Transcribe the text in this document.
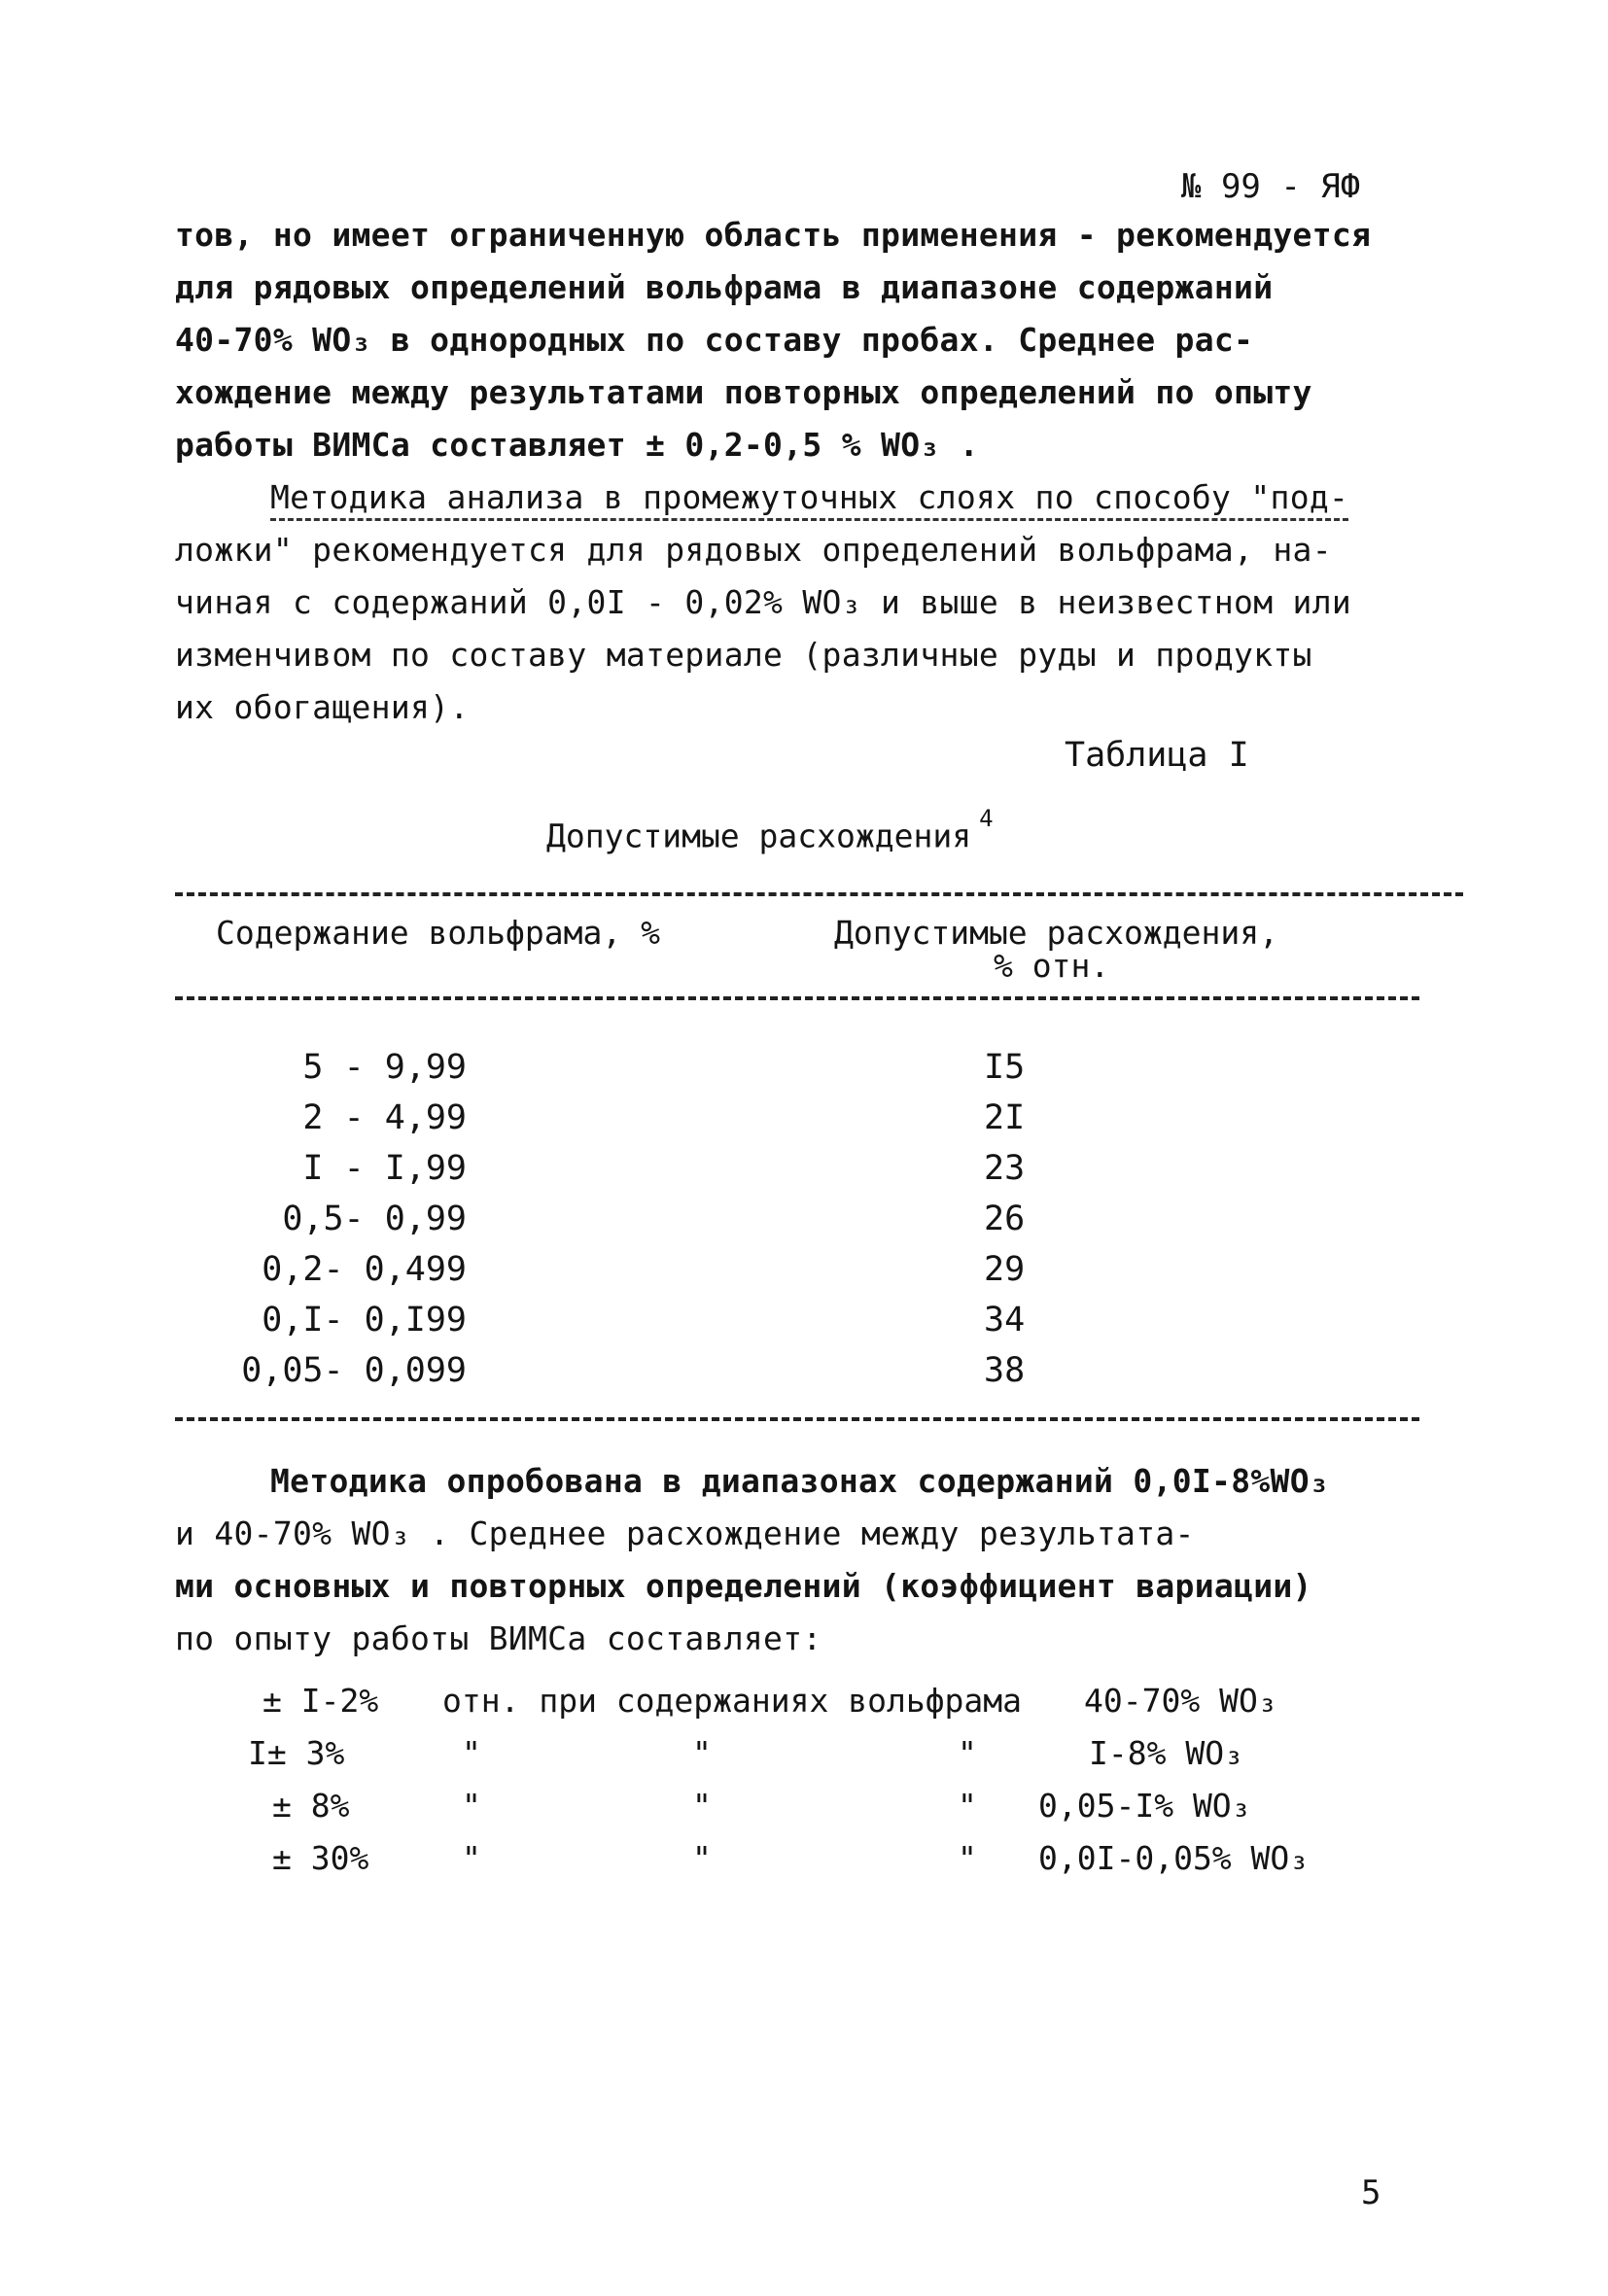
№ 99 - ЯФ
тов, но имеет ограниченную область применения - рекомендуется
для рядовых определений вольфрама в диапазоне содержаний
40-70% WO₃ в однородных по составу пробах. Среднее рас-
хождение между результатами повторных определений по опыту
работы ВИМСа составляет ± 0,2-0,5 % WO₃ .
Методика анализа в промежуточных слоях по способу "под-
ложки" рекомендуется для рядовых определений вольфрама, на-
чиная с содержаний 0,0I - 0,02% WO₃ и выше в неизвестном или
изменчивом по составу материале (различные руды и продукты
их обогащения).
Таблица I
Допустимые расхождения $^4$
Содержание вольфрама, %	Допустимые расхождения,
% отн.
5 - 9,99	I5
2 - 4,99	2I
I - I,99	23
0,5- 0,99	26
0,2- 0,499	29
0,I- 0,I99	34
0,05- 0,099	38
Методика опробована в диапазонах содержаний 0,0I-8%WO₃
и 40-70% WO₃ . Среднее расхождение между результата-
ми основных и повторных определений (коэффициент вариации)
по опыту работы ВИМСа составляет:
± I-2% отн. при содержаниях вольфрама 40-70% WO₃
I± 3%	"	"	"	I-8% WO₃
± 8%	"	"	" 0,05-I% WO₃
± 30%	"	"	" 0,0I-0,05% WO₃
5
